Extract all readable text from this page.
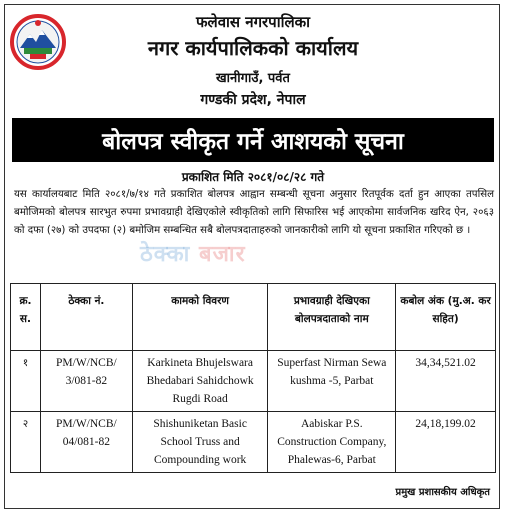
फलेवास नगरपालिका
नगर कार्यपालिकको कार्यालय
खानीगाउँ, पर्वत
गण्डकी प्रदेश, नेपाल
बोलपत्र स्वीकृत गर्ने आशयको सूचना
प्रकाशित मिति २०८१/०८/२८ गते
यस कार्यालयबाट मिति २०८१/७/१४ गते प्रकाशित बोलपत्र आह्वान सम्बन्धी सूचना अनुसार रितपूर्वक दर्ता हुन आएका तपसिल बमोजिमको बोलपत्र सारभुत रुपमा प्रभावग्राही देखिएकोले स्वीकृतिको लागि सिफारिस भई आएकोमा सार्वजनिक खरिद ऐन, २०६३ को दफा (२७) को उपदफा (२) बमोजिम सम्बन्धित सबै बोलपत्रदाताहरुको जानकारीको लागि यो सूचना प्रकाशित गरिएको छ ।
ठेक्का बजार
क्र. स.	ठेक्का नं.	कामको विवरण	प्रभावग्राही देखिएका बोलपत्रदाताको नाम	कबोल अंक (मु.अ. कर सहित)
१	PM/W/NCB/ 3/081-82	Karkineta Bhujelswara Bhedabari Sahidchowk Rugdi Road	Superfast Nirman Sewa kushma -5, Parbat	34,34,521.02
२	PM/W/NCB/ 04/081-82	Shishuniketan Basic School Truss and Compounding work	Aabiskar P.S. Construction Company, Phalewas-6, Parbat	24,18,199.02
प्रमुख प्रशासकीय अधिकृत
